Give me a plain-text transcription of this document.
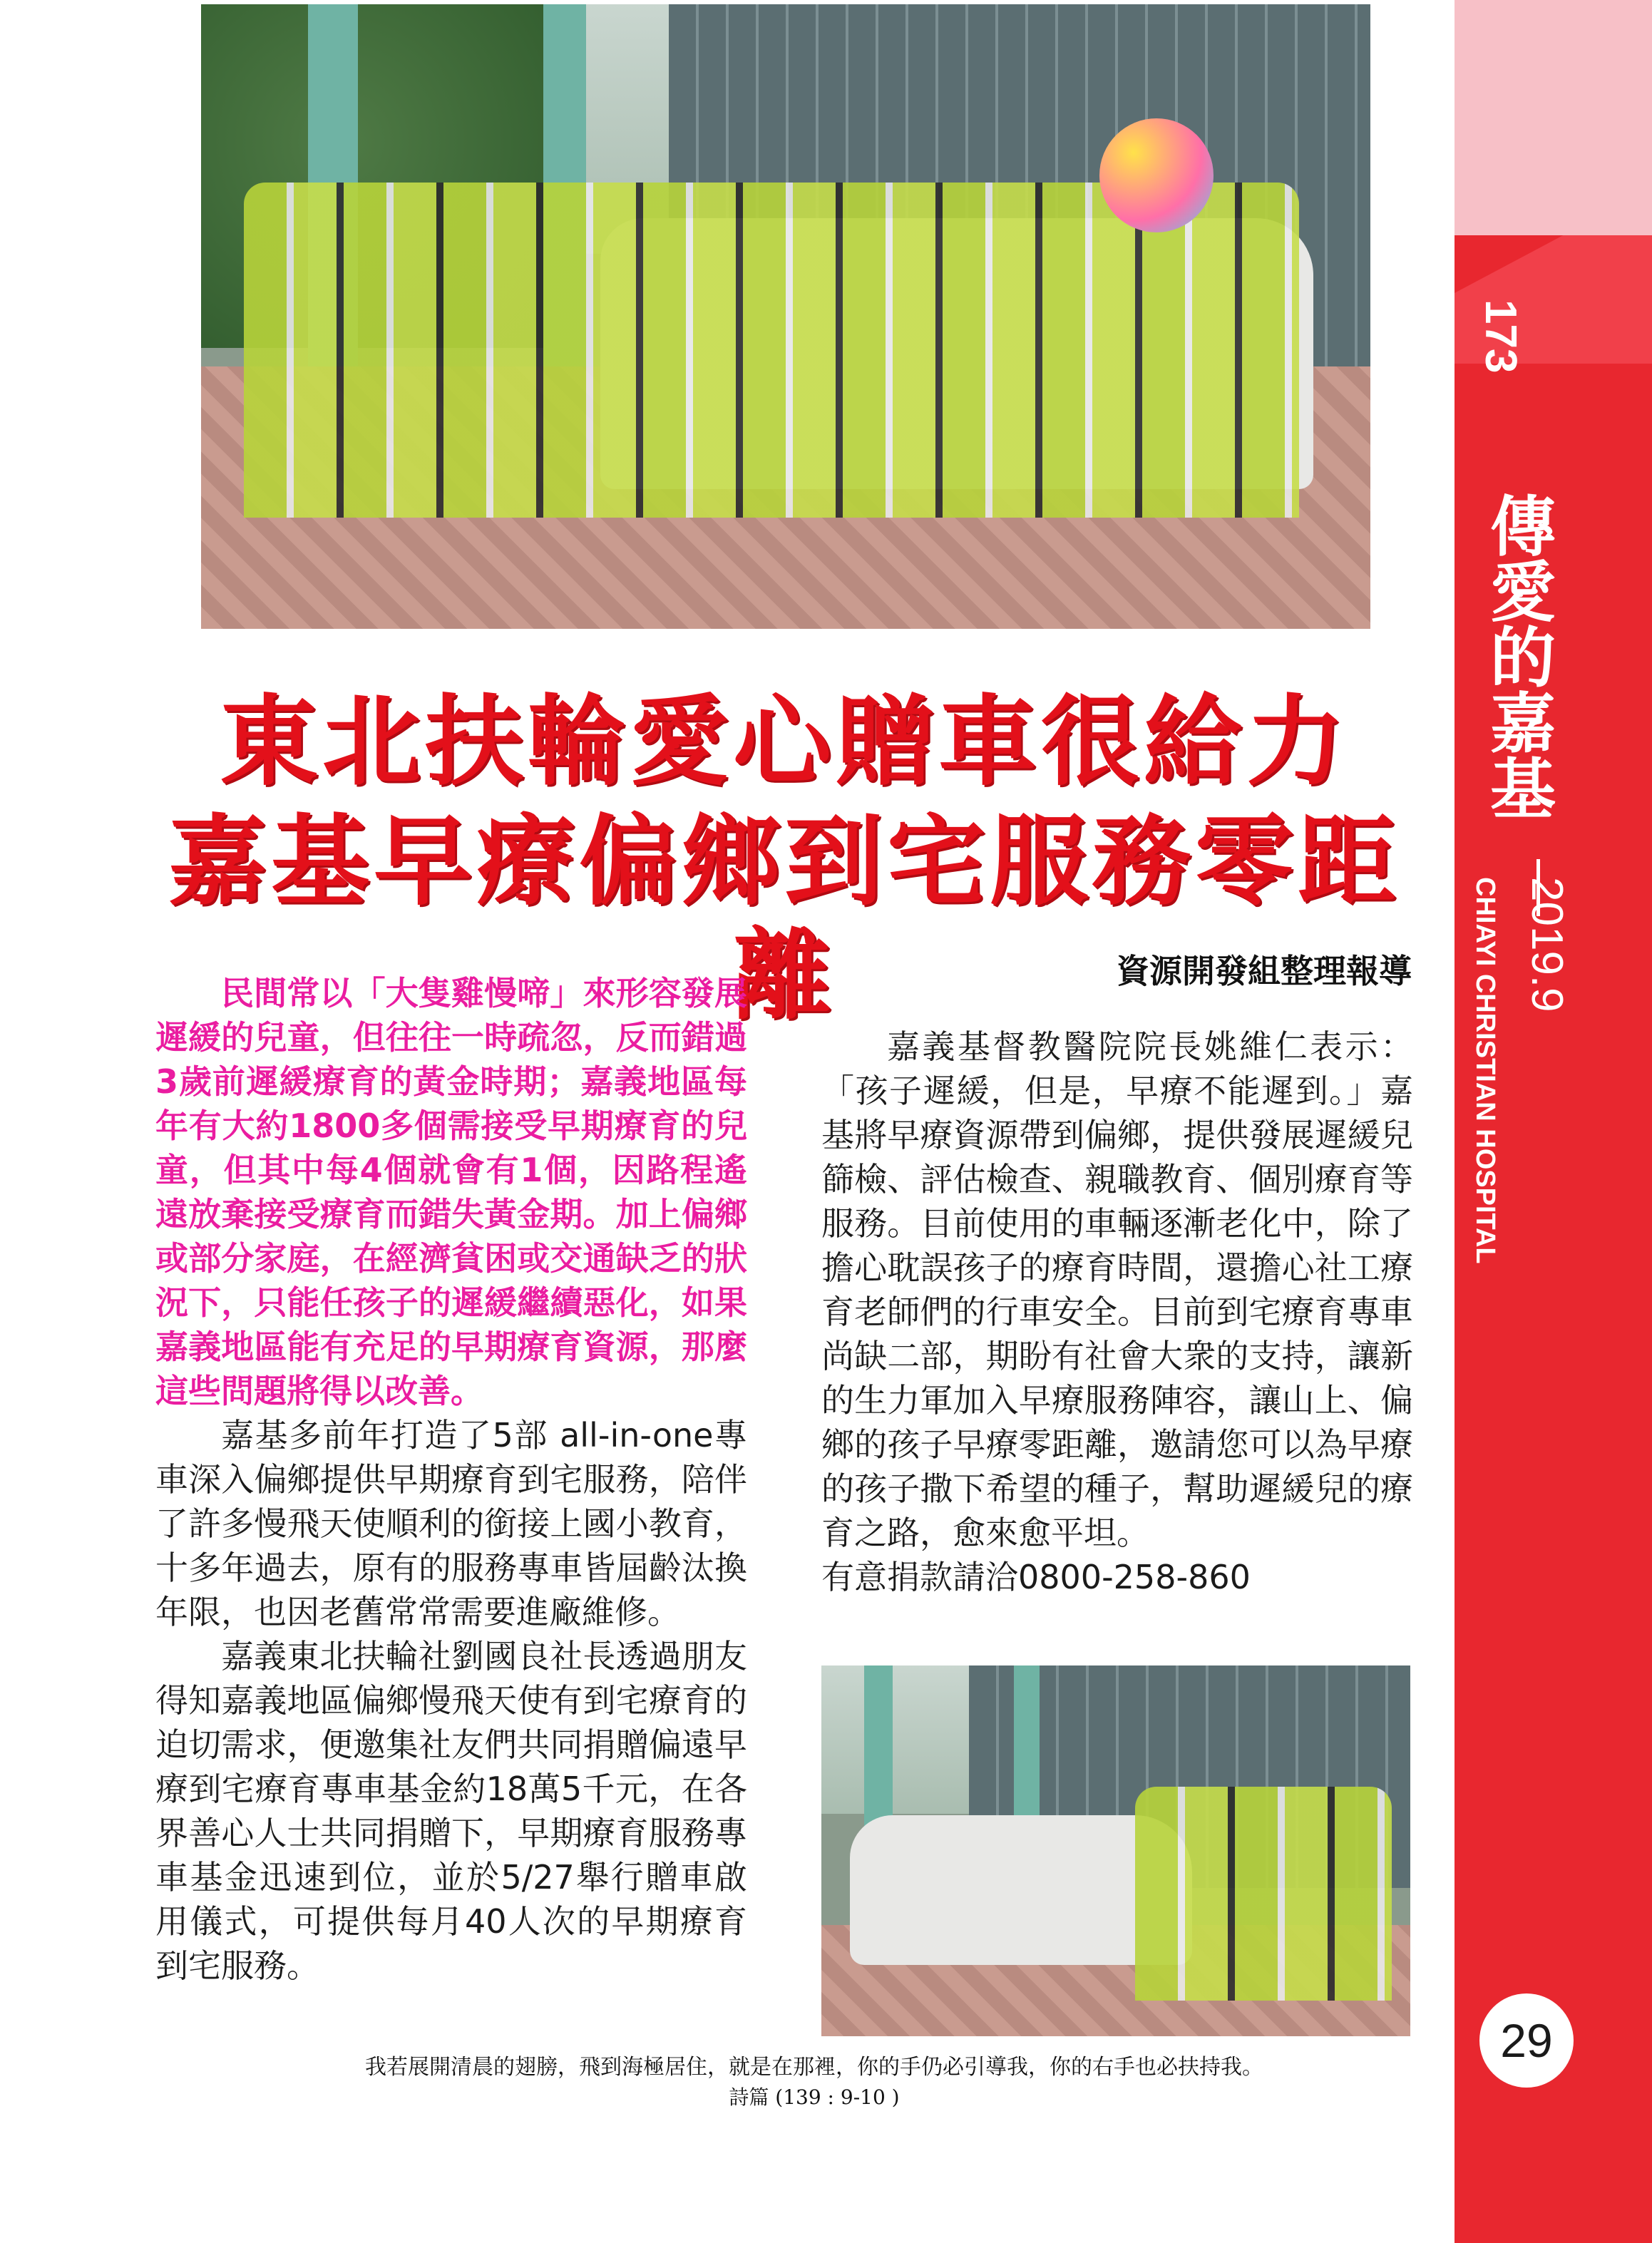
173
傳愛的嘉基
2019.9
CHIAYI CHRISTIAN HOSPITAL
29
東北扶輪愛心贈車很給力
嘉基早療偏鄉到宅服務零距離	資源開發組整理報導

民間常以「大隻雞慢啼」來形容發展遲緩的兒童，但往往一時疏忽，反而錯過3歲前遲緩療育的黃金時期；嘉義地區每年有大約1800多個需接受早期療育的兒童，但其中每4個就會有1個，因路程遙遠放棄接受療育而錯失黃金期。加上偏鄉或部分家庭，在經濟貧困或交通缺乏的狀況下，只能任孩子的遲緩繼續惡化，如果嘉義地區能有充足的早期療育資源，那麼這些問題將得以改善。

嘉基多前年打造了5部 all-in-one專車深入偏鄉提供早期療育到宅服務，陪伴了許多慢飛天使順利的銜接上國小教育，十多年過去，原有的服務專車皆屆齡汰換年限，也因老舊常常需要進廠維修。

嘉義東北扶輪社劉國良社長透過朋友得知嘉義地區偏鄉慢飛天使有到宅療育的迫切需求，便邀集社友們共同捐贈偏遠早療到宅療育專車基金約18萬5千元，在各界善心人士共同捐贈下，早期療育服務專車基金迅速到位，並於5/27舉行贈車啟用儀式，可提供每月40人次的早期療育到宅服務。

嘉義基督教醫院院長姚維仁表示：「孩子遲緩，但是，早療不能遲到。」嘉基將早療資源帶到偏鄉，提供發展遲緩兒篩檢、評估檢查、親職教育、個別療育等服務。目前使用的車輛逐漸老化中，除了擔心耽誤孩子的療育時間，還擔心社工療育老師們的行車安全。目前到宅療育專車尚缺二部，期盼有社會大衆的支持，讓新的生力軍加入早療服務陣容，讓山上、偏鄉的孩子早療零距離，邀請您可以為早療的孩子撒下希望的種子，幫助遲緩兒的療育之路，愈來愈平坦。

有意捐款請洽0800-258-860

我若展開清晨的翅膀，飛到海極居住，就是在那裡，你的手仍必引導我，你的右手也必扶持我。
詩篇 (139 : 9-10 )
